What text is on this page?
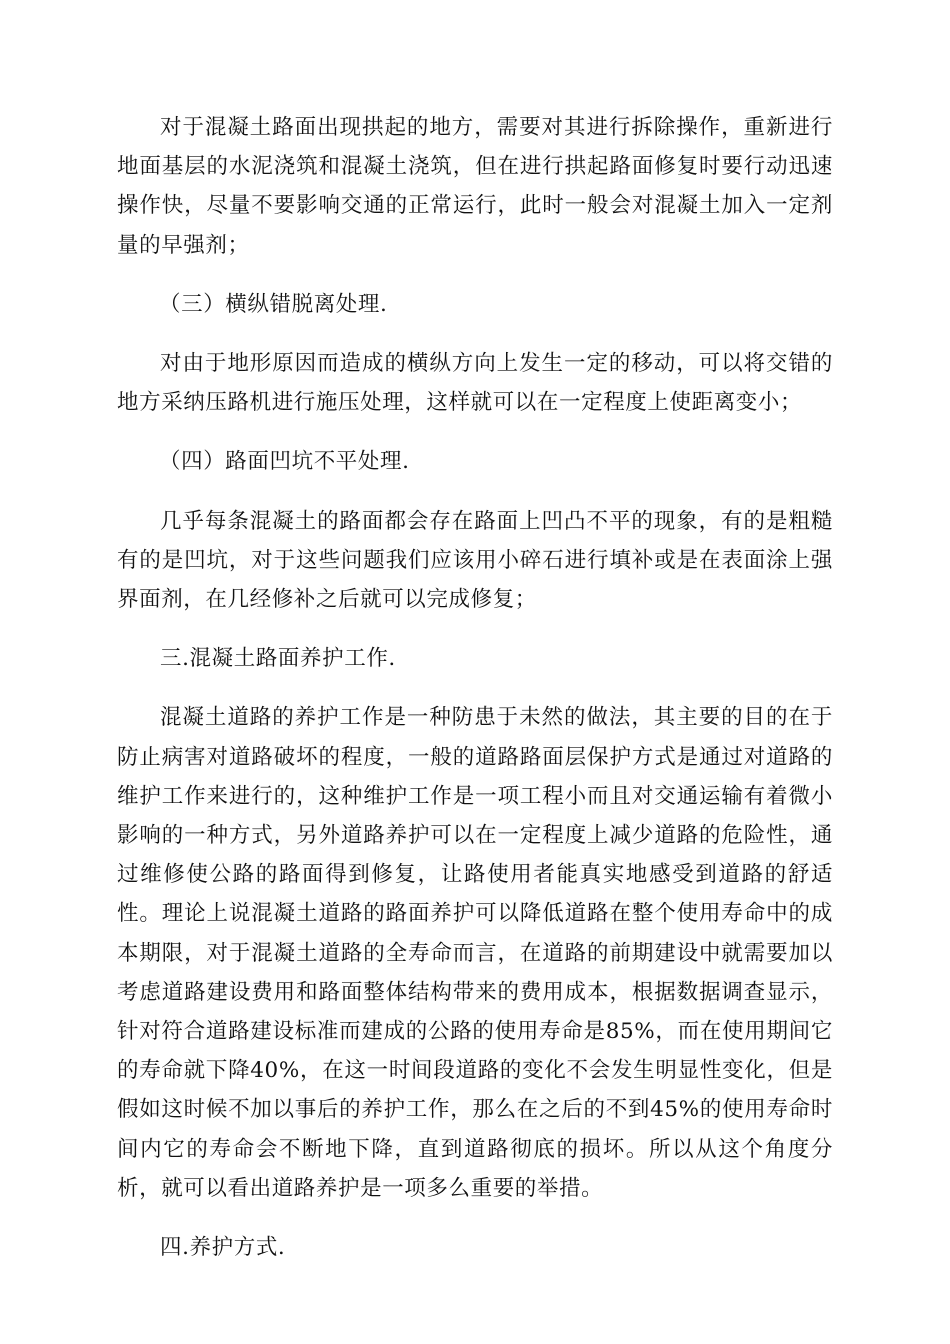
对于混凝土路面出现拱起的地方，需要对其进行拆除操作，重新进行地面基层的水泥浇筑和混凝土浇筑，但在进行拱起路面修复时要行动迅速操作快，尽量不要影响交通的正常运行，此时一般会对混凝土加入一定剂量的早强剂；

（三）横纵错脱离处理.

对由于地形原因而造成的横纵方向上发生一定的移动，可以将交错的地方采纳压路机进行施压处理，这样就可以在一定程度上使距离变小；

（四）路面凹坑不平处理.

几乎每条混凝土的路面都会存在路面上凹凸不平的现象，有的是粗糙有的是凹坑，对于这些问题我们应该用小碎石进行填补或是在表面涂上强界面剂，在几经修补之后就可以完成修复；

三.混凝土路面养护工作.

混凝土道路的养护工作是一种防患于未然的做法，其主要的目的在于防止病害对道路破坏的程度，一般的道路路面层保护方式是通过对道路的维护工作来进行的，这种维护工作是一项工程小而且对交通运输有着微小影响的一种方式，另外道路养护可以在一定程度上减少道路的危险性，通过维修使公路的路面得到修复，让路使用者能真实地感受到道路的舒适性。理论上说混凝土道路的路面养护可以降低道路在整个使用寿命中的成本期限，对于混凝土道路的全寿命而言，在道路的前期建设中就需要加以考虑道路建设费用和路面整体结构带来的费用成本，根据数据调查显示，针对符合道路建设标准而建成的公路的使用寿命是85%，而在使用期间它的寿命就下降40%，在这一时间段道路的变化不会发生明显性变化，但是假如这时候不加以事后的养护工作，那么在之后的不到45%的使用寿命时间内它的寿命会不断地下降，直到道路彻底的损坏。所以从这个角度分析，就可以看出道路养护是一项多么重要的举措。

四.养护方式.
